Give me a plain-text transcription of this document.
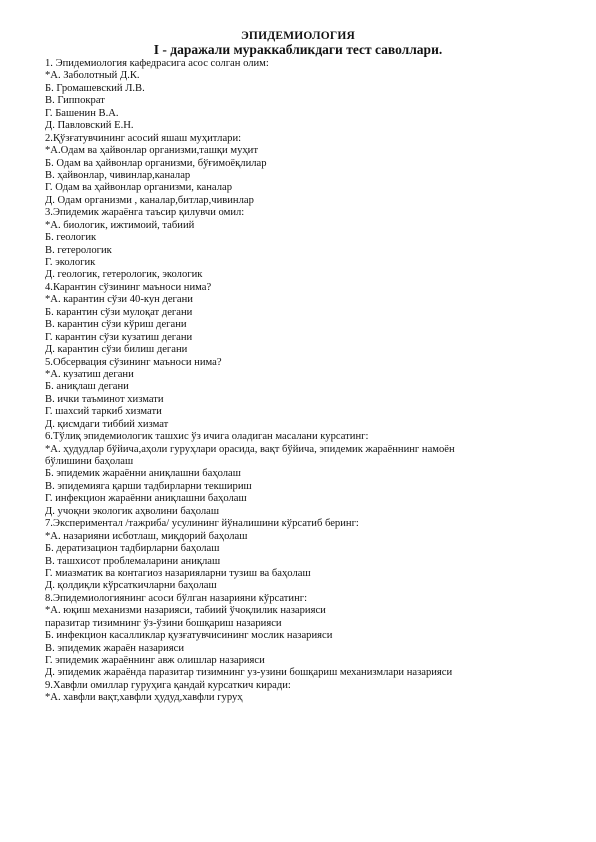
ЭПИДЕМИОЛОГИЯ
I - даражали мураккабликдаги тест саволлари.
1. Эпидемиология кафедрасига асос солган олим:
*А. Заболотный Д.К.
Б. Громашевский Л.В.
В. Гиппократ
Г. Башенин В.А.
Д. Павловский Е.Н.
2.Қўзғатувчининг асосий яшаш муҳитлари:
*А.Одам ва ҳайвонлар организми,ташқи муҳит
Б. Одам ва ҳайвонлар организми, бўғимоёқлилар
В. ҳайвонлар, чивинлар,каналар
Г. Одам ва ҳайвонлар организми, каналар
Д. Одам организми , каналар,битлар,чивинлар
3.Эпидемик жараёнга таъсир қилувчи омил:
*А. биологик, ижтимоий, табиий
Б. геологик
В. гетерологик
Г. экологик
Д. геологик, гетерологик, экологик
4.Карантин сўзининг маъноси нима?
*А. карантин сўзи 40-кун дегани
Б. карантин сўзи мулоқат дегани
В. карантин сўзи кўриш дегани
Г. карантин сўзи кузатиш дегани
Д. карантин сўзи билиш дегани
5.Обсервация сўзининг маъноси нима?
*А. кузатиш дегани
Б. аниқлаш дегани
В. ички таъминот хизмати
Г. шахсий таркиб хизмати
Д. қисмдаги тиббий хизмат
6.Тўлиқ эпидемиологик ташхис ўз ичига оладиган масалани курсатинг:
*А. ҳудудлар бўйича,аҳоли гуруҳлари орасида, вақт бўйича, эпидемик жараённинг намоён
бўлишини баҳолаш
Б. эпидемик жараённи аниқлашни баҳолаш
В. эпидемияга қарши тадбирларни текшириш
Г. инфекцион жараённи аниқлашни баҳолаш
Д. учоқни экологик аҳволини баҳолаш
7.Экспериментал /тажриба/ усулининг йўналишини кўрсатиб беринг:
*А. назарияни исботлаш, миқдорий баҳолаш
Б. дератизацион тадбирларни баҳолаш
В. ташхисот проблемаларини аниқлаш
Г. миазматик ва контагиоз назарияларни тузиш ва баҳолаш
Д. қолдиқли кўрсаткичларни баҳолаш
8.Эпидемиологиянинг асоси бўлган назарияни кўрсатинг:
*А. юқиш механизми назарияси, табиий ўчоқлилик назарияси
паразитар тизимнинг ўз-ўзини бошқариш назарияси
Б. инфекцион касалликлар қузғатувчисининг мослик назарияси
В. эпидемик жараён назарияси
Г. эпидемик жараённинг авж олишлар назарияси
Д. эпидемик жараёнда паразитар тизимнинг уз-узини бошқариш механизмлари назарияси
9.Хавфли омиллар гуруҳига қандай курсаткич киради:
*А. хавфли вақт,хавфли ҳудуд,хавфли гуруҳ
